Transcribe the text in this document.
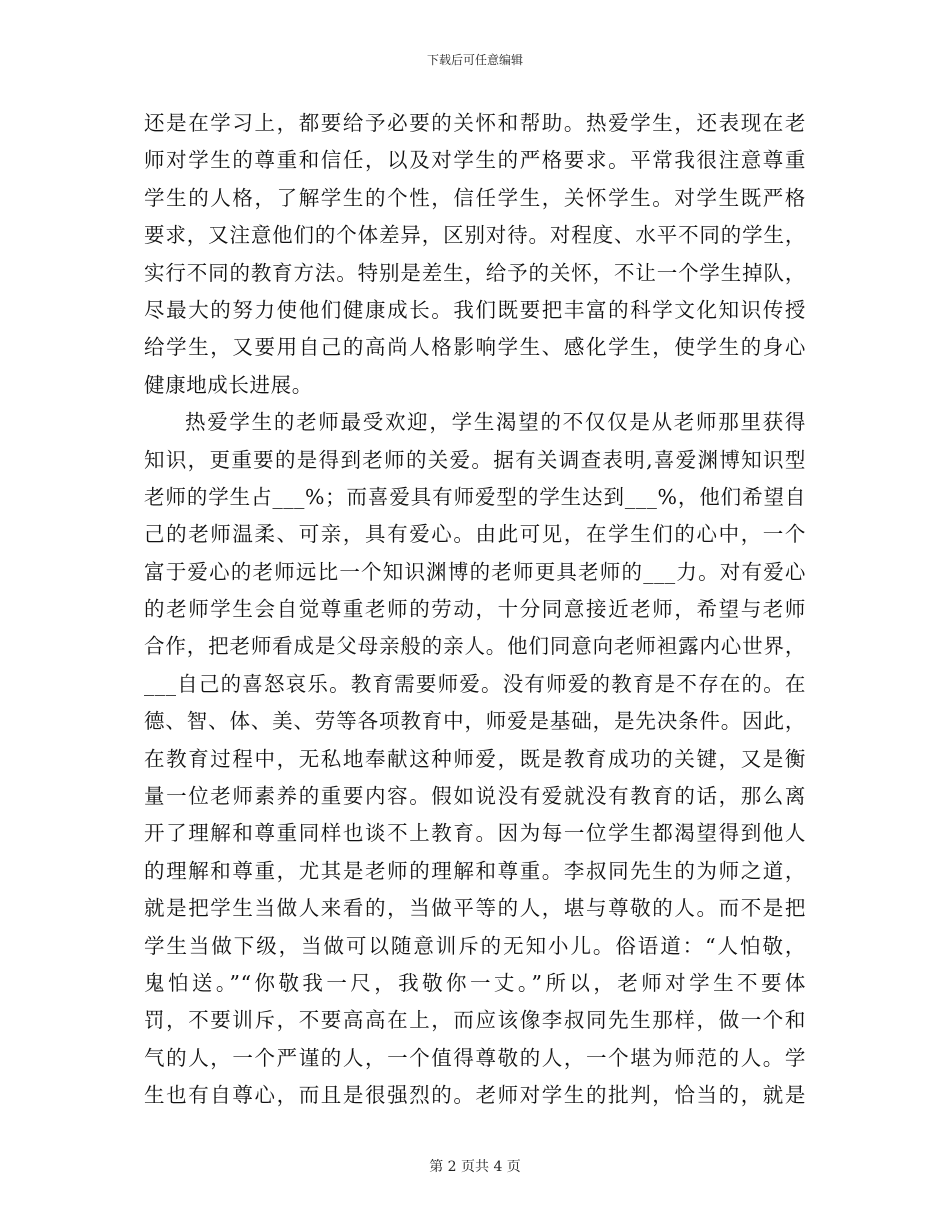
下载后可任意编辑
还是在学习上，都要给予必要的关怀和帮助。热爱学生，还表现在老
师对学生的尊重和信任，以及对学生的严格要求。平常我很注意尊重
学生的人格，了解学生的个性，信任学生，关怀学生。对学生既严格
要求，又注意他们的个体差异，区别对待。对程度、水平不同的学生，
实行不同的教育方法。特别是差生，给予的关怀，不让一个学生掉队，
尽最大的努力使他们健康成长。我们既要把丰富的科学文化知识传授
给学生，又要用自己的高尚人格影响学生、感化学生，使学生的身心
健康地成长进展。
热爱学生的老师最受欢迎，学生渴望的不仅仅是从老师那里获得
知识，更重要的是得到老师的关爱。据有关调查表明,喜爱渊博知识型
老师的学生占___%；而喜爱具有师爱型的学生达到___%，他们希望自
己的老师温柔、可亲，具有爱心。由此可见，在学生们的心中，一个
富于爱心的老师远比一个知识渊博的老师更具老师的___力。对有爱心
的老师学生会自觉尊重老师的劳动，十分同意接近老师，希望与老师
合作，把老师看成是父母亲般的亲人。他们同意向老师袒露内心世界，
___自己的喜怒哀乐。教育需要师爱。没有师爱的教育是不存在的。在
德、智、体、美、劳等各项教育中，师爱是基础，是先决条件。因此，
在教育过程中，无私地奉献这种师爱，既是教育成功的关键，又是衡
量一位老师素养的重要内容。假如说没有爱就没有教育的话，那么离
开了理解和尊重同样也谈不上教育。因为每一位学生都渴望得到他人
的理解和尊重，尤其是老师的理解和尊重。李叔同先生的为师之道，
就是把学生当做人来看的，当做平等的人，堪与尊敬的人。而不是把
学生当做下级，当做可以随意训斥的无知小儿。俗语道：“人怕敬，
鬼怕送。”“你敬我一尺，我敬你一丈。”所以，老师对学生不要体
罚，不要训斥，不要高高在上，而应该像李叔同先生那样，做一个和
气的人，一个严谨的人，一个值得尊敬的人，一个堪为师范的人。学
生也有自尊心，而且是很强烈的。老师对学生的批判，恰当的，就是
第 2 页共 4 页
